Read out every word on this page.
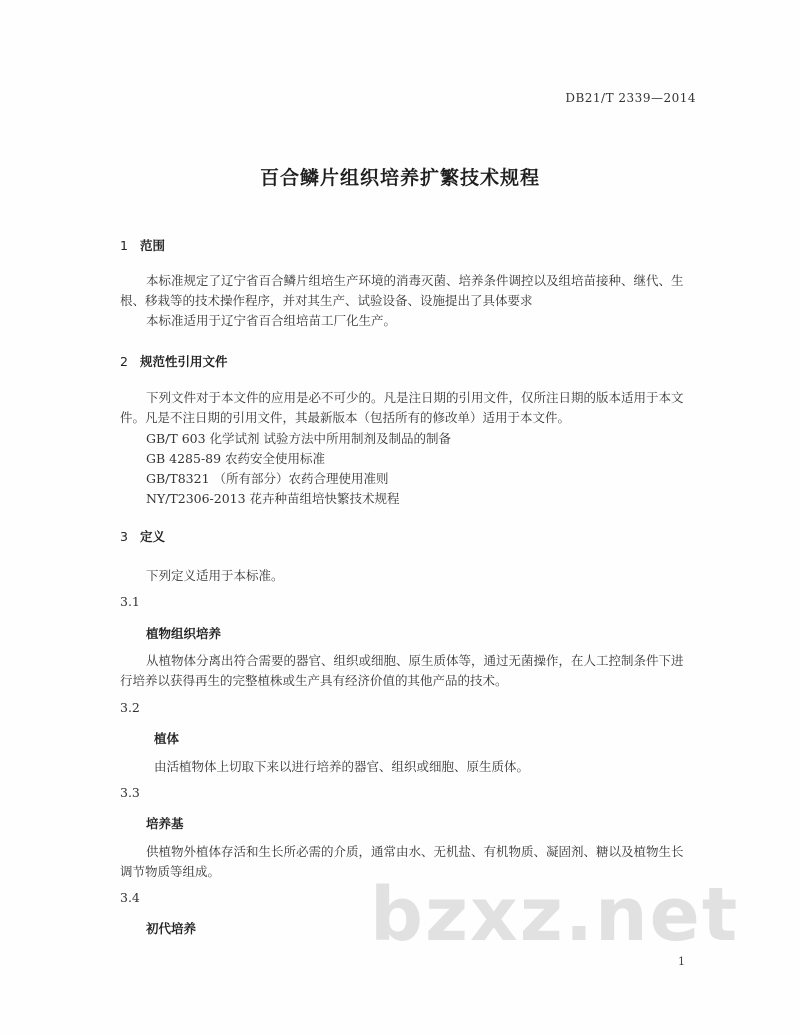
DB21/T 2339—2014
百合鳞片组织培养扩繁技术规程
1 范围
本标准规定了辽宁省百合鳞片组培生产环境的消毒灭菌、培养条件调控以及组培苗接种、继代、生根、移栽等的技术操作程序，并对其生产、试验设备、设施提出了具体要求
本标准适用于辽宁省百合组培苗工厂化生产。
2 规范性引用文件
下列文件对于本文件的应用是必不可少的。凡是注日期的引用文件，仅所注日期的版本适用于本文件。凡是不注日期的引用文件，其最新版本（包括所有的修改单）适用于本文件。
GB/T 603 化学试剂 试验方法中所用制剂及制品的制备
GB 4285-89 农药安全使用标准
GB/T8321 （所有部分）农药合理使用准则
NY/T2306-2013 花卉种苗组培快繁技术规程
3 定义
下列定义适用于本标准。
3.1
植物组织培养
从植物体分离出符合需要的器官、组织或细胞、原生质体等，通过无菌操作，在人工控制条件下进行培养以获得再生的完整植株或生产具有经济价值的其他产品的技术。
3.2
植体
由活植物体上切取下来以进行培养的器官、组织或细胞、原生质体。
3.3
培养基
供植物外植体存活和生长所必需的介质，通常由水、无机盐、有机物质、凝固剂、糖以及植物生长调节物质等组成。
3.4
初代培养 bzxz.net
1
